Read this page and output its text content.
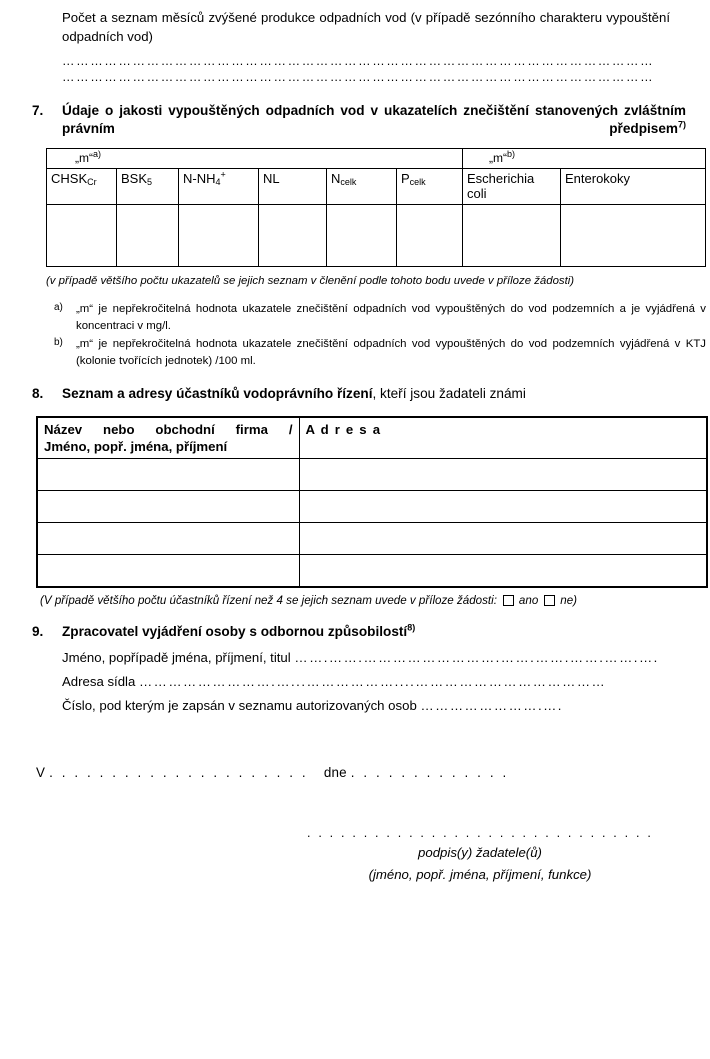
Počet a seznam měsíců zvýšené produkce odpadních vod (v případě sezónního charakteru vypouštění odpadních vod)

………………………………………………………………………………………………………………
………………………………………………………………………………………………………………
7.	Údaje o jakosti vypouštěných odpadních vod v ukazatelích znečištění stanovených zvláštním právním předpisem$^{7)}$
„m“$^{a)}$						„m“$^{b)}$
$CHSK_{Cr}$	$BSK_5$	$N-NH_4^+$	NL	$N_{celk}$	$P_{celk}$	Escherichia coli	Enterokoky

(v případě většího počtu ukazatelů se jejich seznam v členění podle tohoto bodu uvede v příloze žádosti)
a)	„m“ je nepřekročitelná hodnota ukazatele znečištění odpadních vod vypouštěných do vod podzemních a je vyjádřená v koncentraci v mg/l.
b)	„m“ je nepřekročitelná hodnota ukazatele znečištění odpadních vod vypouštěných do vod podzemních vyjádřená v KTJ (kolonie tvořících jednotek) /100 ml.
8.	Seznam a adresy účastníků vodoprávního řízení, kteří jsou žadateli známi
Název nebo obchodní firma /
Jméno, popř. jména, příjmení	A d r e s a

(V případě většího počtu účastníků řízení než 4 se jejich seznam uvede v příloze žádosti: ano ne)
9.	Zpracovatel vyjádření osoby s odbornou způsobilostí$^{8)}$
Jméno, popřípadě jména, příjmení, titul …….…….……………………….…….…….…….…….….
Adresa sídla ……………………….…...………………....…………………………………
Číslo, pod kterým je zapsán v seznamu autorizovaných osob …………………….….
V . . . . . . . . . . . . . . . . . . . . . dne . . . . . . . . . . . . .
. . . . . . . . . . . . . . . . . . . . . . . . . . . . . . .
podpis(y) žadatele(ů)
(jméno, popř. jména, příjmení, funkce)
